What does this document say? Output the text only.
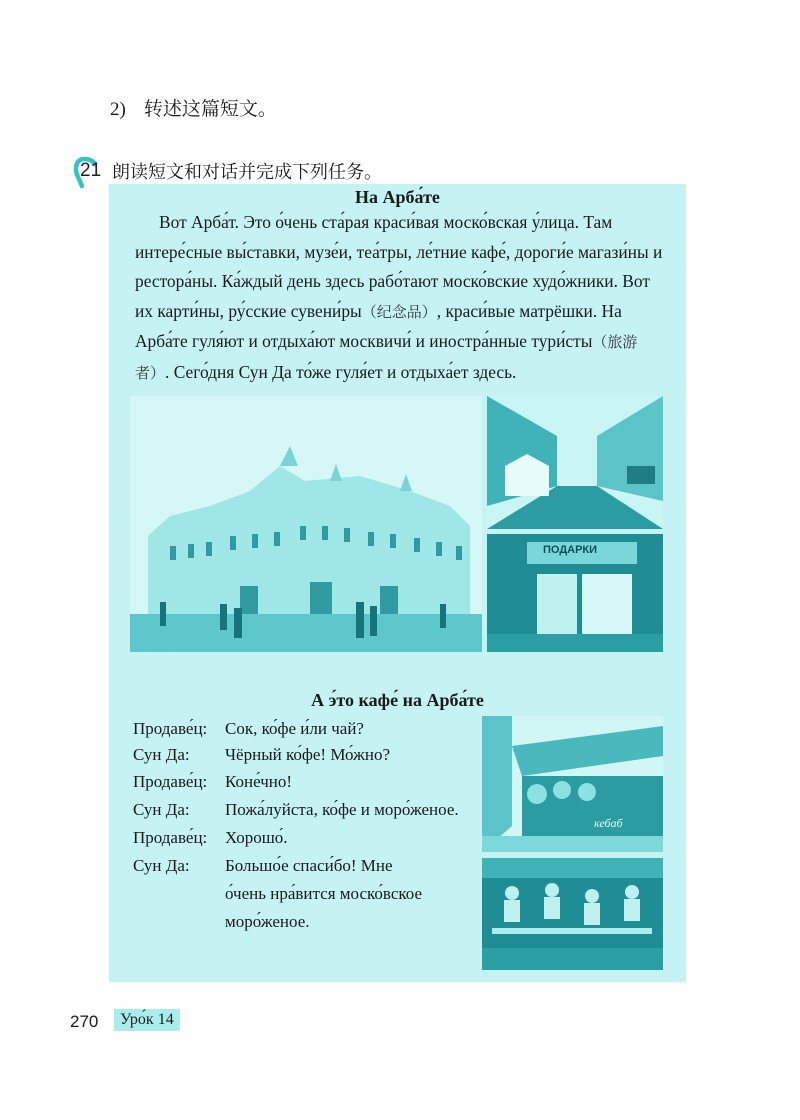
2) 转述这篇短文。
21 朗读短文和对话并完成下列任务。
На Арба́те

Вот Арба́т. Это о́чень ста́рая краси́вая моско́вская у́лица. Там интере́сные вы́ставки, музе́и, теа́тры, ле́тние кафе́, дороги́е магази́ны и рестора́ны. Ка́ждый день здесь рабо́тают моско́вские худо́жники. Вот их карти́ны, ру́сские сувени́ры（纪念品）, краси́вые матрёшки. На Арба́те гуля́ют и отдыха́ют москвичи́ и иностра́нные тури́сты（旅游者）. Сего́дня Сун Да то́же гуля́ет и отдыха́ет здесь.

ПОДАРКИ
А э́то кафе́ на Арба́те
Продаве́ц: Сок, ко́фе и́ли чай?
Сун Да: Чёрный ко́фе! Мо́жно?
Продаве́ц: Коне́чно!
Сун Да: Пожа́луйста, ко́фе и моро́женое.
Продаве́ц: Хорошо́.
Сун Да: Большо́е спаси́бо! Мне
о́чень нра́вится моско́вское
моро́женое.
кебаб
270	Уро́к 14
